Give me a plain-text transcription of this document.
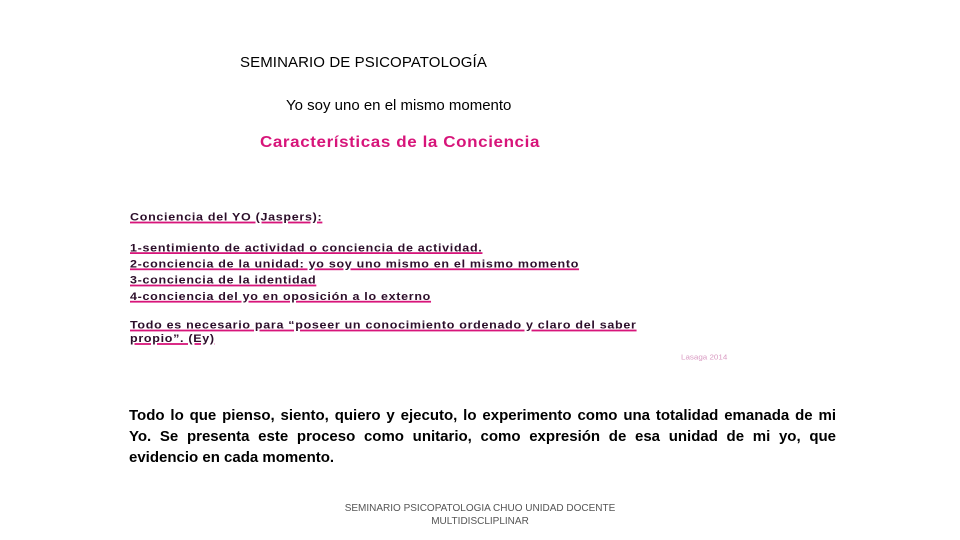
SEMINARIO DE PSICOPATOLOGÍA
Yo soy uno en el mismo momento
Características de la Conciencia
Conciencia del YO (Jaspers):
1-sentimiento de actividad o conciencia de actividad.
2-conciencia de la unidad: yo soy uno mismo en el mismo momento
3-conciencia de la identidad
4-conciencia del yo en oposición a lo externo
Todo es necesario para “poseer un conocimiento ordenado y claro del saber
propio”. (Ey)
Lasaga 2014
Todo lo que pienso, siento, quiero y ejecuto, lo experimento como una totalidad emanada de mi Yo. Se presenta este proceso como unitario, como expresión de esa unidad de mi yo, que evidencio en cada momento.
SEMINARIO PSICOPATOLOGIA CHUO UNIDAD DOCENTE
MULTIDISCLIPLINAR
